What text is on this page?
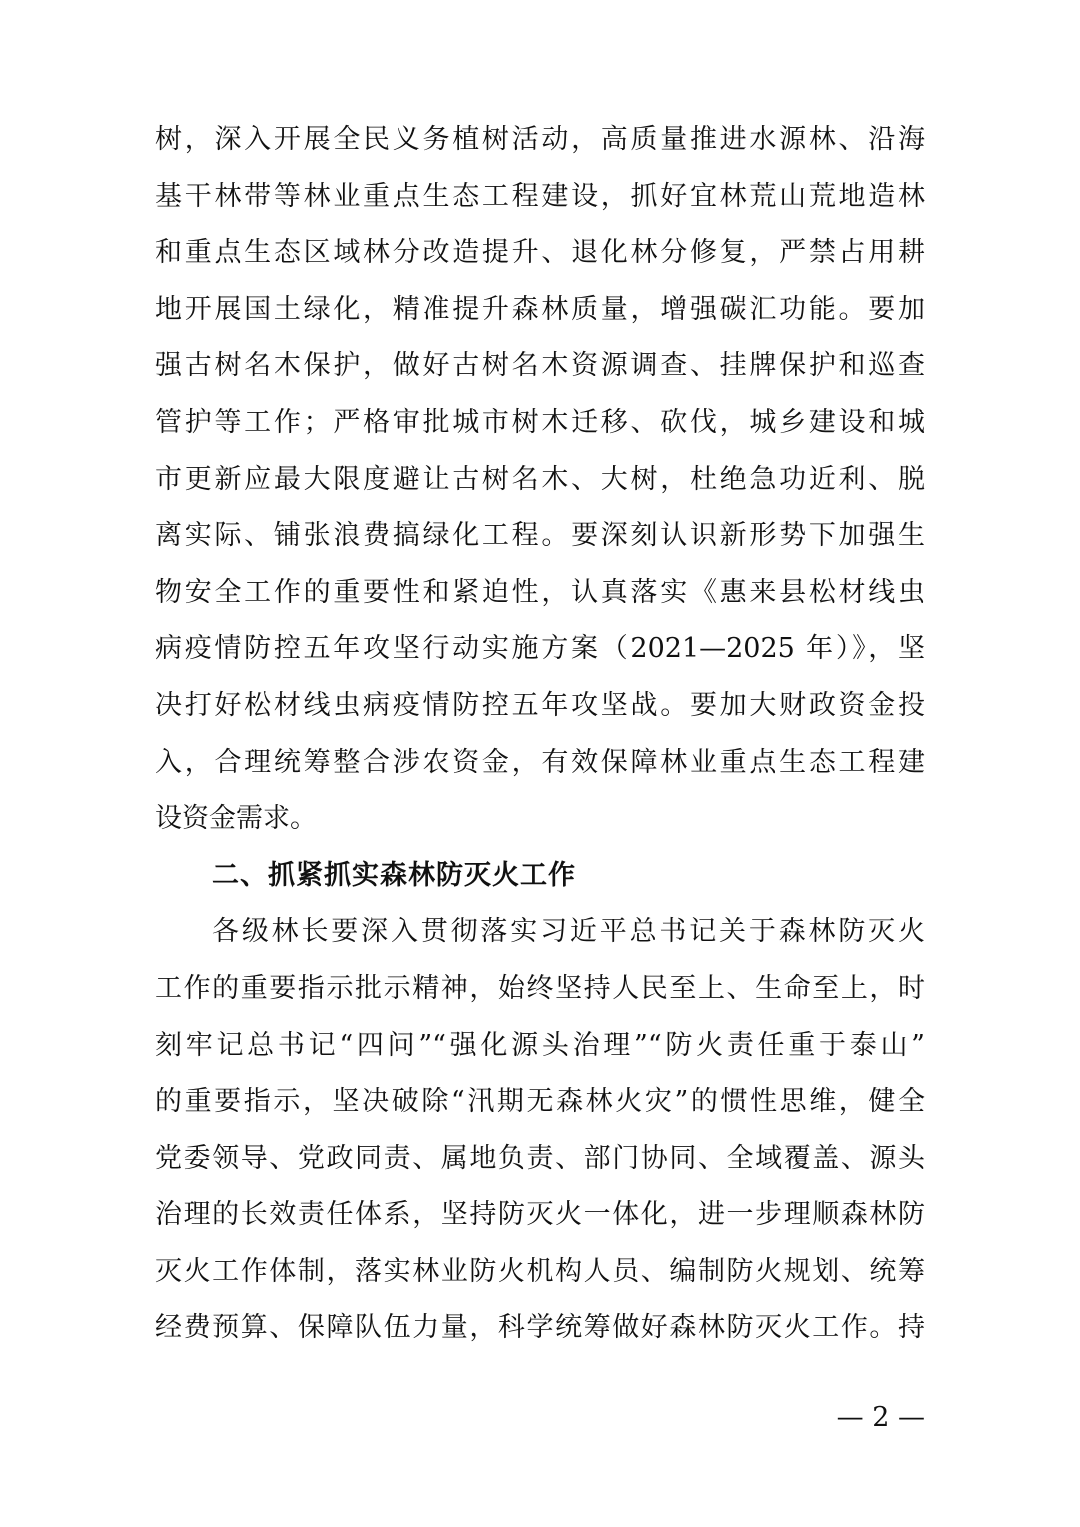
树，深入开展全民义务植树活动，高质量推进水源林、沿海
基干林带等林业重点生态工程建设，抓好宜林荒山荒地造林
和重点生态区域林分改造提升、退化林分修复，严禁占用耕
地开展国土绿化，精准提升森林质量，增强碳汇功能。要加
强古树名木保护，做好古树名木资源调查、挂牌保护和巡查
管护等工作；严格审批城市树木迁移、砍伐，城乡建设和城
市更新应最大限度避让古树名木、大树，杜绝急功近利、脱
离实际、铺张浪费搞绿化工程。要深刻认识新形势下加强生
物安全工作的重要性和紧迫性，认真落实《惠来县松材线虫
病疫情防控五年攻坚行动实施方案（2021—2025 年）》，坚
决打好松材线虫病疫情防控五年攻坚战。要加大财政资金投
入，合理统筹整合涉农资金，有效保障林业重点生态工程建
设资金需求。
二、抓紧抓实森林防灭火工作
各级林长要深入贯彻落实习近平总书记关于森林防灭火
工作的重要指示批示精神，始终坚持人民至上、生命至上，时
刻牢记总书记“四问”“强化源头治理”“防火责任重于泰山”
的重要指示，坚决破除“汛期无森林火灾”的惯性思维，健全
党委领导、党政同责、属地负责、部门协同、全域覆盖、源头
治理的长效责任体系，坚持防灭火一体化，进一步理顺森林防
灭火工作体制，落实林业防火机构人员、编制防火规划、统筹
经费预算、保障队伍力量，科学统筹做好森林防灭火工作。持
— 2 —
